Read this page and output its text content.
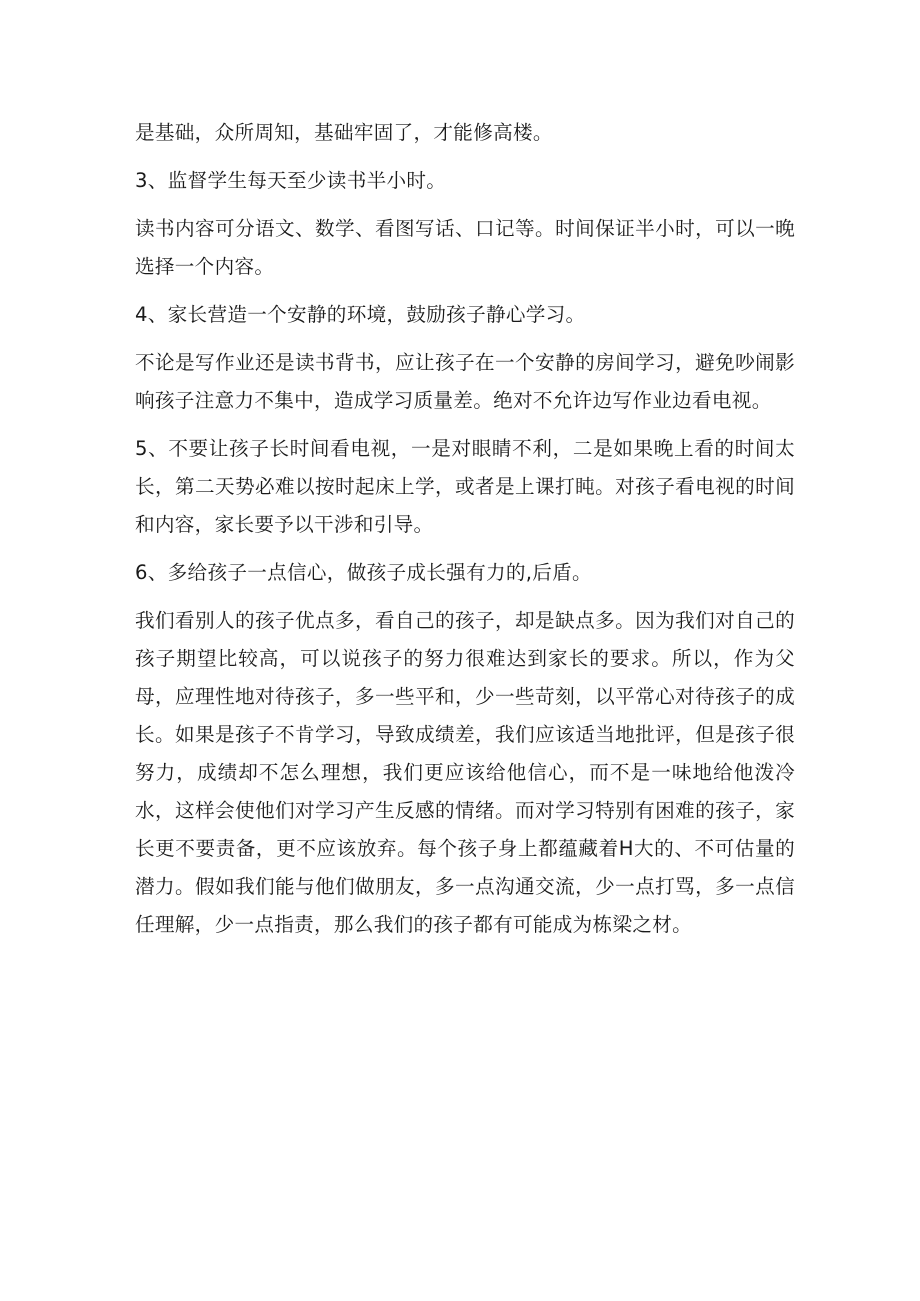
是基础，众所周知，基础牢固了，才能修高楼。

3、监督学生每天至少读书半小时。

读书内容可分语文、数学、看图写话、口记等。时间保证半小时，可以一晚选择一个内容。

4、家长营造一个安静的环境，鼓励孩子静心学习。

不论是写作业还是读书背书，应让孩子在一个安静的房间学习，避免吵闹影响孩子注意力不集中，造成学习质量差。绝对不允许边写作业边看电视。

5、不要让孩子长时间看电视，一是对眼睛不利，二是如果晚上看的时间太长，第二天势必难以按时起床上学，或者是上课打盹。对孩子看电视的时间和内容，家长要予以干涉和引导。

6、多给孩子一点信心，做孩子成长强有力的,后盾。

我们看别人的孩子优点多，看自己的孩子，却是缺点多。因为我们对自己的孩子期望比较高，可以说孩子的努力很难达到家长的要求。所以，作为父母，应理性地对待孩子，多一些平和，少一些苛刻，以平常心对待孩子的成长。如果是孩子不肯学习，导致成绩差，我们应该适当地批评，但是孩子很努力，成绩却不怎么理想，我们更应该给他信心，而不是一味地给他泼冷水，这样会使他们对学习产生反感的情绪。而对学习特别有困难的孩子，家长更不要责备，更不应该放弃。每个孩子身上都蕴藏着H大的、不可估量的潜力。假如我们能与他们做朋友，多一点沟通交流，少一点打骂，多一点信任理解，少一点指责，那么我们的孩子都有可能成为栋梁之材。
